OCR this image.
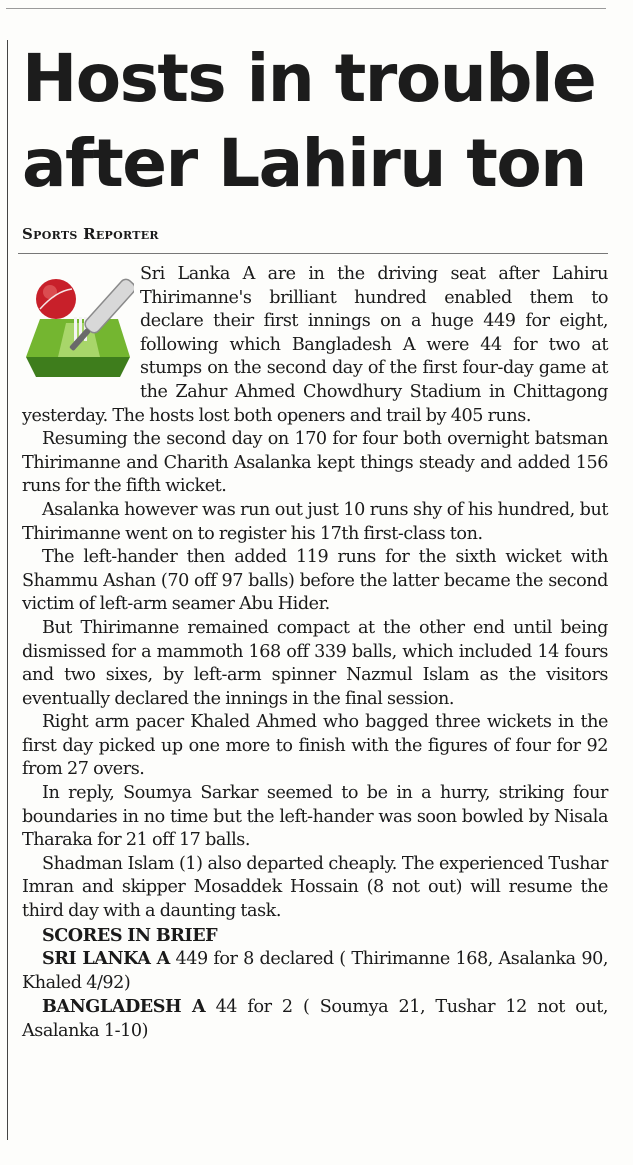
Hosts in trouble after Lahiru ton
Sports Reporter

Sri Lanka A are in the driving seat after Lahiru Thirimanne's brilliant hundred enabled them to declare their first innings on a huge 449 for eight, following which Bangladesh A were 44 for two at stumps on the second day of the first four-day game at the Zahur Ahmed Chowdhury Stadium in Chittagong yesterday. The hosts lost both openers and trail by 405 runs.

Resuming the second day on 170 for four both overnight batsman Thirimanne and Charith Asalanka kept things steady and added 156 runs for the fifth wicket.

Asalanka however was run out just 10 runs shy of his hundred, but Thirimanne went on to register his 17th first-class ton.

The left-hander then added 119 runs for the sixth wicket with Shammu Ashan (70 off 97 balls) before the latter became the second victim of left-arm seamer Abu Hider.

But Thirimanne remained compact at the other end until being dismissed for a mammoth 168 off 339 balls, which included 14 fours and two sixes, by left-arm spinner Nazmul Islam as the visitors eventually declared the innings in the final session.

Right arm pacer Khaled Ahmed who bagged three wickets in the first day picked up one more to finish with the figures of four for 92 from 27 overs.

In reply, Soumya Sarkar seemed to be in a hurry, striking four boundaries in no time but the left-hander was soon bowled by Nisala Tharaka for 21 off 17 balls.

Shadman Islam (1) also departed cheaply. The experienced Tushar Imran and skipper Mosaddek Hossain (8 not out) will resume the third day with a daunting task.

SCORES IN BRIEF

SRI LANKA A 449 for 8 declared ( Thirimanne 168, Asalanka 90, Khaled 4/92)

BANGLADESH A 44 for 2 ( Soumya 21, Tushar 12 not out, Asalanka 1-10)
